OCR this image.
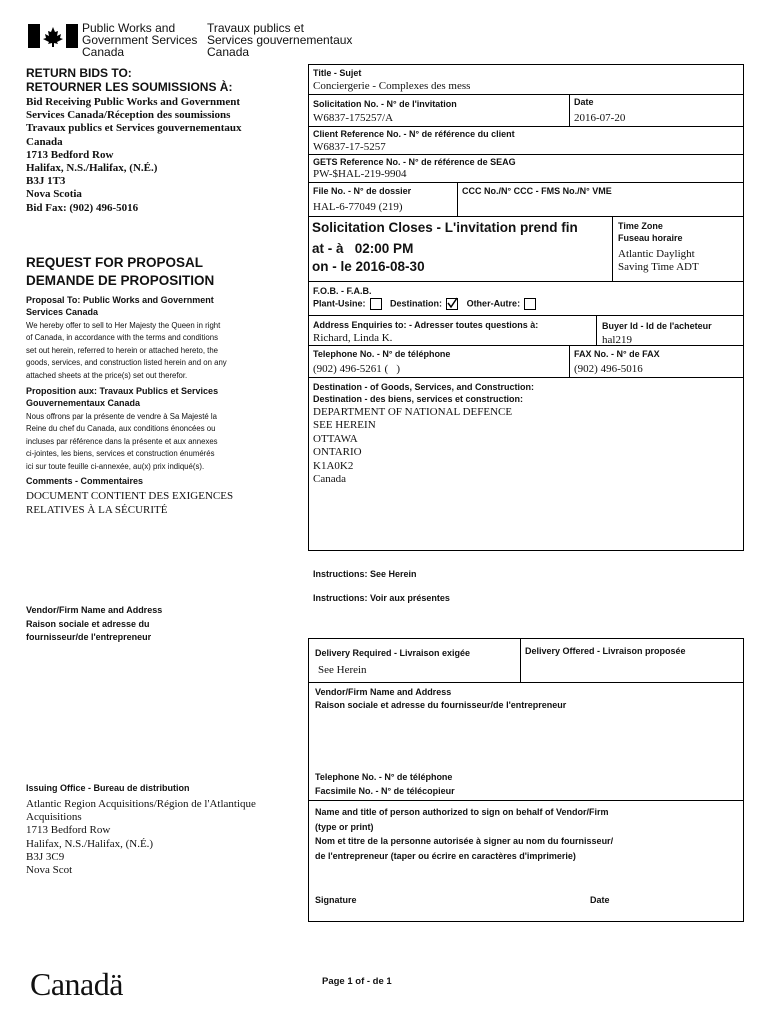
Public Works and
Government Services
Canada
Travaux publics et
Services gouvernementaux
Canada
RETURN BIDS TO:
RETOURNER LES SOUMISSIONS À:
Bid Receiving Public Works and Government
Services Canada/Réception des soumissions
Travaux publics et Services gouvernementaux
Canada
1713 Bedford Row
Halifax, N.S./Halifax, (N.É.)
B3J 1T3
Nova Scotia
Bid Fax: (902) 496-5016
REQUEST FOR PROPOSAL
DEMANDE DE PROPOSITION
Proposal To: Public Works and Government Services Canada
We hereby offer to sell to Her Majesty the Queen in right
of Canada, in accordance with the terms and conditions
set out herein, referred to herein or attached hereto, the
goods, services, and construction listed herein and on any
attached sheets at the price(s) set out therefor.
Proposition aux: Travaux Publics et Services Gouvernementaux Canada
Nous offrons par la présente de vendre à Sa Majesté la
Reine du chef du Canada, aux conditions énoncées ou
incluses par référence dans la présente et aux annexes
ci-jointes, les biens, services et construction énumérés
ici sur toute feuille ci-annexée, au(x) prix indiqué(s).
Comments - Commentaires
DOCUMENT CONTIENT DES EXIGENCES
RELATIVES À LA SÉCURITÉ
Vendor/Firm Name and Address
Raison sociale et adresse du
fournisseur/de l'entrepreneur
Issuing Office - Bureau de distribution
Atlantic Region Acquisitions/Région de l'Atlantique
Acquisitions
1713 Bedford Row
Halifax, N.S./Halifax, (N.É.)
B3J 3C9
Nova Scot
Title - Sujet
Conciergerie - Complexes des mess
Solicitation No. - N° de l'invitation
W6837-175257/A
Date
2016-07-20
Client Reference No. - N° de référence du client
W6837-17-5257
GETS Reference No. - N° de référence de SEAG
PW-$HAL-219-9904
File No. - N° de dossier
HAL-6-77049 (219)
CCC No./N° CCC - FMS No./N° VME
Solicitation Closes - L'invitation prend fin
at - à 02:00 PM
on - le 2016-08-30
Time Zone
Fuseau horaire
Atlantic Daylight
Saving Time ADT
F.O.B. - F.A.B.
Plant-Usine:	Destination:	Other-Autre:
Address Enquiries to: - Adresser toutes questions à:
Richard, Linda K.
Buyer Id - Id de l'acheteur
hal219
Telephone No. - N° de téléphone
(902) 496-5261 (   )
FAX No. - N° de FAX
(902) 496-5016
Destination - of Goods, Services, and Construction:
Destination - des biens, services et construction:
DEPARTMENT OF NATIONAL DEFENCE
SEE HEREIN
OTTAWA
ONTARIO
K1A0K2
Canada
Instructions: See Herein
Instructions: Voir aux présentes
Delivery Required - Livraison exigée
See Herein
Delivery Offered - Livraison proposée
Vendor/Firm Name and Address
Raison sociale et adresse du fournisseur/de l'entrepreneur
Telephone No. - N° de téléphone
Facsimile No. - N° de télécopieur
Name and title of person authorized to sign on behalf of Vendor/Firm
(type or print)
Nom et titre de la personne autorisée à signer au nom du fournisseur/
de l'entrepreneur (taper ou écrire en caractères d'imprimerie)
Signature	Date
Canadä	Page 1 of - de 1
